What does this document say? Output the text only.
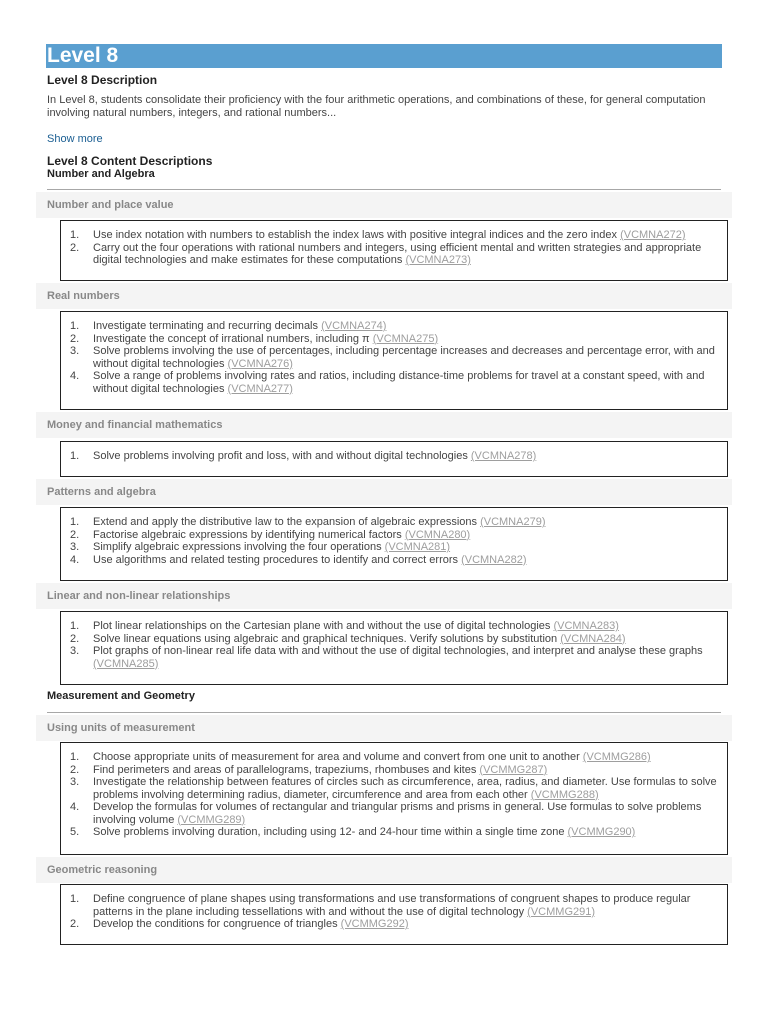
Level 8
Level 8 Description
In Level 8, students consolidate their proficiency with the four arithmetic operations, and combinations of these, for general computation involving natural numbers, integers, and rational numbers...
Show more
Level 8 Content Descriptions
Number and Algebra
Number and place value
1. Use index notation with numbers to establish the index laws with positive integral indices and the zero index (VCMNA272)
2. Carry out the four operations with rational numbers and integers, using efficient mental and written strategies and appropriate digital technologies and make estimates for these computations (VCMNA273)
Real numbers
1. Investigate terminating and recurring decimals (VCMNA274)
2. Investigate the concept of irrational numbers, including π (VCMNA275)
3. Solve problems involving the use of percentages, including percentage increases and decreases and percentage error, with and without digital technologies (VCMNA276)
4. Solve a range of problems involving rates and ratios, including distance-time problems for travel at a constant speed, with and without digital technologies (VCMNA277)
Money and financial mathematics
1. Solve problems involving profit and loss, with and without digital technologies (VCMNA278)
Patterns and algebra
1. Extend and apply the distributive law to the expansion of algebraic expressions (VCMNA279)
2. Factorise algebraic expressions by identifying numerical factors (VCMNA280)
3. Simplify algebraic expressions involving the four operations (VCMNA281)
4. Use algorithms and related testing procedures to identify and correct errors (VCMNA282)
Linear and non-linear relationships
1. Plot linear relationships on the Cartesian plane with and without the use of digital technologies (VCMNA283)
2. Solve linear equations using algebraic and graphical techniques. Verify solutions by substitution (VCMNA284)
3. Plot graphs of non-linear real life data with and without the use of digital technologies, and interpret and analyse these graphs (VCMNA285)
Measurement and Geometry
Using units of measurement
1. Choose appropriate units of measurement for area and volume and convert from one unit to another (VCMMG286)
2. Find perimeters and areas of parallelograms, trapeziums, rhombuses and kites (VCMMG287)
3. Investigate the relationship between features of circles such as circumference, area, radius, and diameter. Use formulas to solve problems involving determining radius, diameter, circumference and area from each other (VCMMG288)
4. Develop the formulas for volumes of rectangular and triangular prisms and prisms in general. Use formulas to solve problems involving volume (VCMMG289)
5. Solve problems involving duration, including using 12- and 24-hour time within a single time zone (VCMMG290)
Geometric reasoning
1. Define congruence of plane shapes using transformations and use transformations of congruent shapes to produce regular patterns in the plane including tessellations with and without the use of digital technology (VCMMG291)
2. Develop the conditions for congruence of triangles (VCMMG292)
